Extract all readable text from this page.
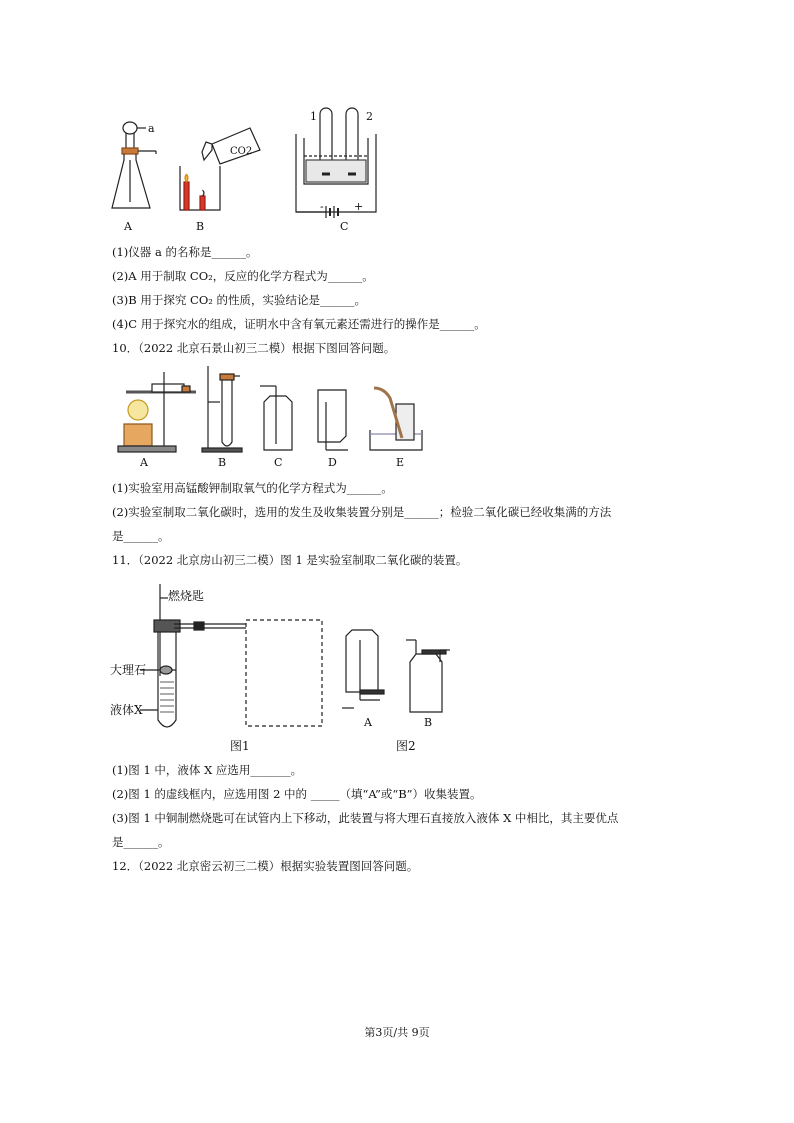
a
CO2
1	2
-	+
A	B	C
(1)仪器 a 的名称是______。
(2)A 用于制取 CO₂，反应的化学方程式为______。
(3)B 用于探究 CO₂ 的性质，实验结论是______。
(4)C 用于探究水的组成，证明水中含有氧元素还需进行的操作是______。
10．（2022 北京石景山初三二模）根据下图回答问题。
A	B	C	D	E
(1)实验室用高锰酸钾制取氧气的化学方程式为______。
(2)实验室制取二氧化碳时，选用的发生及收集装置分别是______；检验二氧化碳已经收集满的方法
是______。
11．（2022 北京房山初三二模）图 1 是实验室制取二氧化碳的装置。
燃烧匙
大理石
液体X
图1
A	B
图2
(1)图 1 中，液体 X 应选用_______。
(2)图 1 的虚线框内，应选用图 2 中的 _____（填“A”或“B”）收集装置。
(3)图 1 中铜制燃烧匙可在试管内上下移动，此装置与将大理石直接放入液体 X 中相比，其主要优点
是______。
12．（2022 北京密云初三二模）根据实验装置图回答问题。
第3页/共 9页
